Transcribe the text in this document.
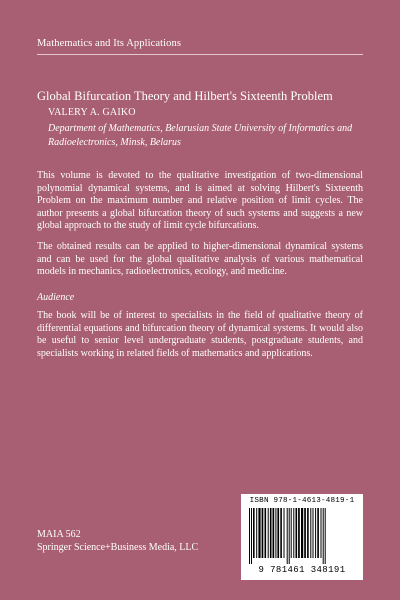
Mathematics and Its Applications
Global Bifurcation Theory and Hilbert's Sixteenth Problem
VALERY A. GAIKO
Department of Mathematics, Belarusian State University of Informatics and Radioelectronics, Minsk, Belarus

This volume is devoted to the qualitative investigation of two-dimensional polynomial dynamical systems, and is aimed at solving Hilbert's Sixteenth Problem on the maximum number and relative position of limit cycles. The author presents a global bifurcation theory of such systems and suggests a new global approach to the study of limit cycle bifurcations.

The obtained results can be applied to higher-dimensional dynamical systems and can be used for the global qualitative analysis of various mathematical models in mechanics, radioelectronics, ecology, and medicine.

Audience

The book will be of interest to specialists in the field of qualitative theory of differential equations and bifurcation theory of dynamical systems. It would also be useful to senior level undergraduate students, postgraduate students, and specialists working in related fields of mathematics and applications.

MAIA 562
Springer Science+Business Media, LLC
ISBN 978-1-4613-4819-1
9 781461 348191
